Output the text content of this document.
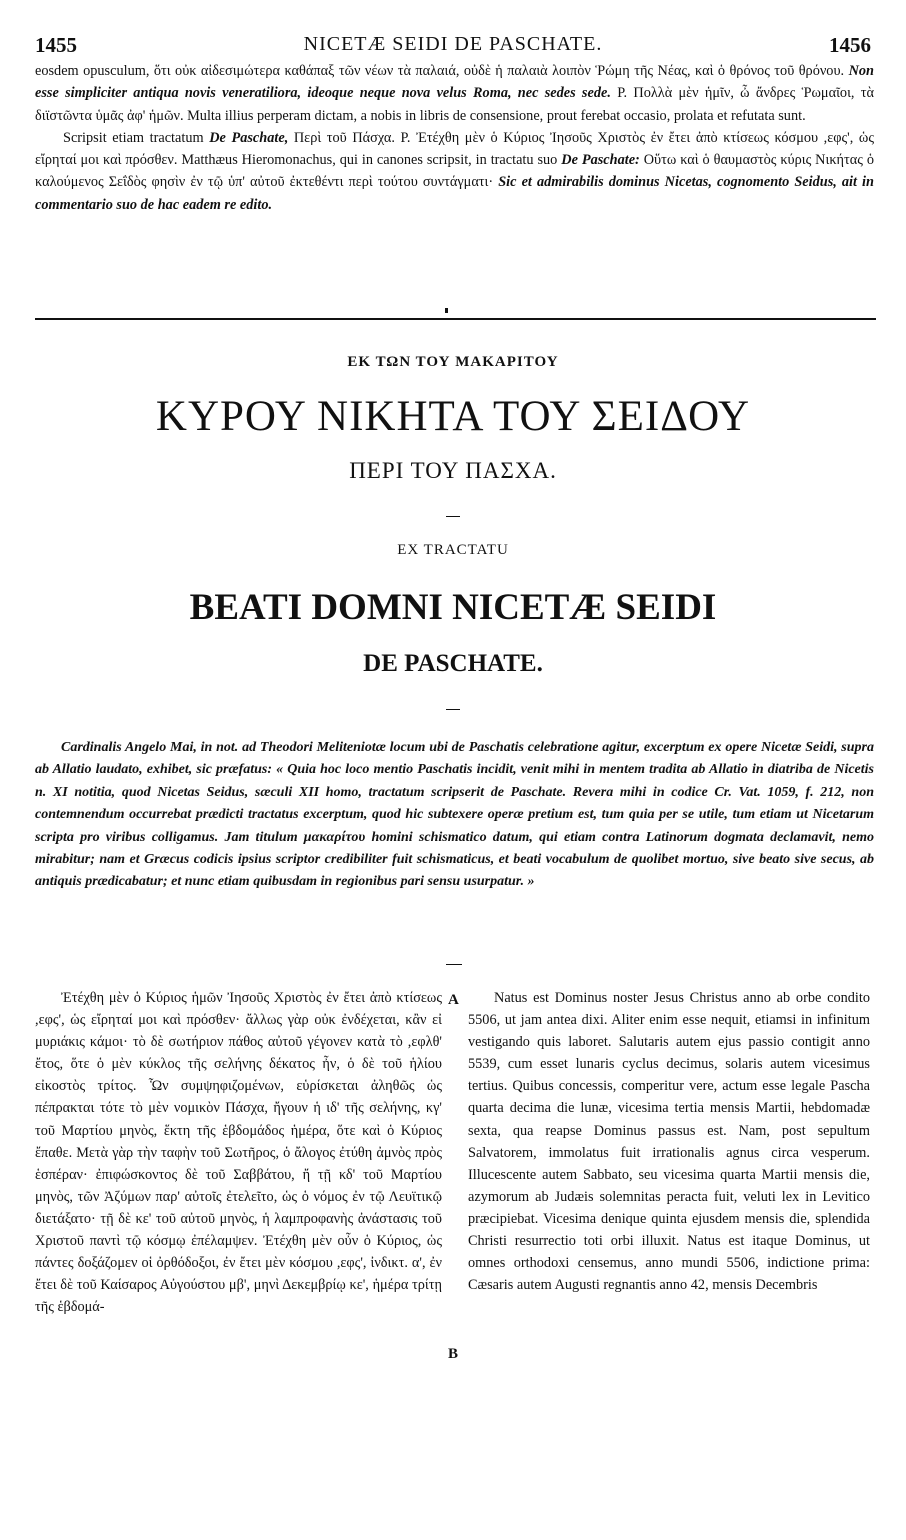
1455	NICETÆ SEIDI DE PASCHATE.	1456

eosdem opusculum, ὅτι οὐκ αἰδεσιμώτερα καθάπαξ τῶν νέων τὰ παλαιά, οὐδὲ ἡ παλαιὰ λοιπὸν Ῥώμη τῆς Νέας, καὶ ὁ θρόνος τοῦ θρόνου. Non esse simpliciter antiqua novis veneratiliora, ideoque neque nova velus Roma, nec sedes sede. P. Πολλὰ μὲν ἡμῖν, ὦ ἄνδρες Ῥωμαῖοι, τὰ διϊστῶντα ὑμᾶς ἀφ' ἡμῶν. Multa illius perperam dictam, a nobis in libris de consensione, prout ferebat occasio, prolata et refutata sunt.

Scripsit etiam tractatum De Paschate, Περὶ τοῦ Πάσχα. P. Ἐτέχθη μὲν ὁ Κύριος Ἰησοῦς Χριστὸς ἐν ἔτει ἀπὸ κτίσεως κόσμου ,εφς', ὡς εἴρηταί μοι καὶ πρόσθεν. Matthæus Hieromonachus, qui in canones scripsit, in tractatu suo De Paschate: Οὕτω καὶ ὁ θαυμαστὸς κύρις Νικήτας ὁ καλούμενος Σεΐδὸς φησὶν ἐν τῷ ὑπ' αὐτοῦ ἐκτεθέντι περὶ τούτου συντάγματι· Sic et admirabilis dominus Nicetas, cognomento Seidus, ait in commentario suo de hac eadem re edito.

ΕΚ ΤΩΝ ΤΟΥ ΜΑΚΑΡΙΤΟΥ
ΚΥΡΟΥ ΝΙΚΗΤΑ ΤΟΥ ΣΕΙΔΟΥ
ΠΕΡΙ ΤΟΥ ΠΑΣΧΑ.
EX TRACTATU
BEATI DOMNI NICETÆ SEIDI
DE PASCHATE.

Cardinalis Angelo Mai, in not. ad Theodori Meliteniotæ locum ubi de Paschatis celebratione agitur, excerptum ex opere Nicetæ Seidi, supra ab Allatio laudato, exhibet, sic præfatus: « Quia hoc loco mentio Paschatis incidit, venit mihi in mentem tradita ab Allatio in diatriba de Nicetis n. XI notitia, quod Nicetas Seidus, sæculi XII homo, tractatum scripserit de Paschate. Revera mihi in codice Cr. Vat. 1059, f. 212, non contemnendum occurrebat prædicti tractatus excerptum, quod hic subtexere operæ pretium est, tum quia per se utile, tum etiam ut Nicetarum scripta pro viribus colligamus. Jam titulum μακαρίτου homini schismatico datum, qui etiam contra Latinorum dogmata declamavit, nemo mirabitur; nam et Græcus codicis ipsius scriptor credibiliter fuit schismaticus, et beati vocabulum de quolibet mortuo, sive beato sive secus, ab antiquis prædicabatur; et nunc etiam quibusdam in regionibus pari sensu usurpatur. »

Ἐτέχθη μὲν ὁ Κύριος ἡμῶν Ἰησοῦς Χριστὸς ἐν ἔτει ἀπὸ κτίσεως ,εφς', ὡς εἴρηταί μοι καὶ πρόσθεν· ἄλλως γὰρ οὐκ ἐνδέχεται, κἂν εἰ μυριάκις κάμοι· τὸ δὲ σωτήριον πάθος αὐτοῦ γέγονεν κατὰ τὸ ,εφλθ' ἔτος, ὅτε ὁ μὲν κύκλος τῆς σελήνης δέκατος ἦν, ὁ δὲ τοῦ ἡλίου εἰκοστὸς τρίτος. Ὧν συμψηφιζομένων, εὑρίσκεται ἀληθῶς ὡς πέπρακται τότε τὸ μὲν νομικὸν Πάσχα, ἤγουν ἡ ιδ' τῆς σελήνης, κγ' τοῦ Μαρτίου μηνὸς, ἕκτη τῆς ἑβδομάδος ἡμέρα, ὅτε καὶ ὁ Κύριος ἔπαθε. Μετὰ γὰρ τὴν ταφὴν τοῦ Σωτῆρος, ὁ ἄλογος ἐτύθη ἀμνὸς πρὸς ἑσπέραν· ἐπιφώσκοντος δὲ τοῦ Σαββάτου, ἤ τῇ κδ' τοῦ Μαρτίου μηνὸς, τῶν Ἀζύμων παρ' αὐτοῖς ἐτελεῖτο, ὡς ὁ νόμος ἐν τῷ Λευϊτικῷ διετάξατο· τῇ δὲ κε' τοῦ αὐτοῦ μηνὸς, ἡ λαμπροφανὴς ἀνάστασις τοῦ Χριστοῦ παντὶ τῷ κόσμῳ ἐπέλαμψεν. Ἐτέχθη μὲν οὖν ὁ Κύριος, ὡς πάντες δοξάζομεν οἱ ὀρθόδοξοι, ἐν ἔτει μὲν κόσμου ,εφς', ἰνδικτ. α', ἐν ἔτει δὲ τοῦ Καίσαρος Αὐγούστου μβ', μηνὶ Δεκεμβρίῳ κε', ἡμέρα τρίτῃ τῆς ἑβδομά-

A
B

Natus est Dominus noster Jesus Christus anno ab orbe condito 5506, ut jam antea dixi. Aliter enim esse nequit, etiamsi in infinitum vestigando quis laboret. Salutaris autem ejus passio contigit anno 5539, cum esset lunaris cyclus decimus, solaris autem vicesimus tertius. Quibus concessis, comperitur vere, actum esse legale Pascha quarta decima die lunæ, vicesima tertia mensis Martii, hebdomadæ sexta, qua reapse Dominus passus est. Nam, post sepultum Salvatorem, immolatus fuit irrationalis agnus circa vesperum. Illucescente autem Sabbato, seu vicesima quarta Martii mensis die, azymorum ab Judæis solemnitas peracta fuit, veluti lex in Levitico præcipiebat. Vicesima denique quinta ejusdem mensis die, splendida Christi resurrectio toti orbi illuxit. Natus est itaque Dominus, ut omnes orthodoxi censemus, anno mundi 5506, indictione prima: Cæsaris autem Augusti regnantis anno 42, mensis Decembris
